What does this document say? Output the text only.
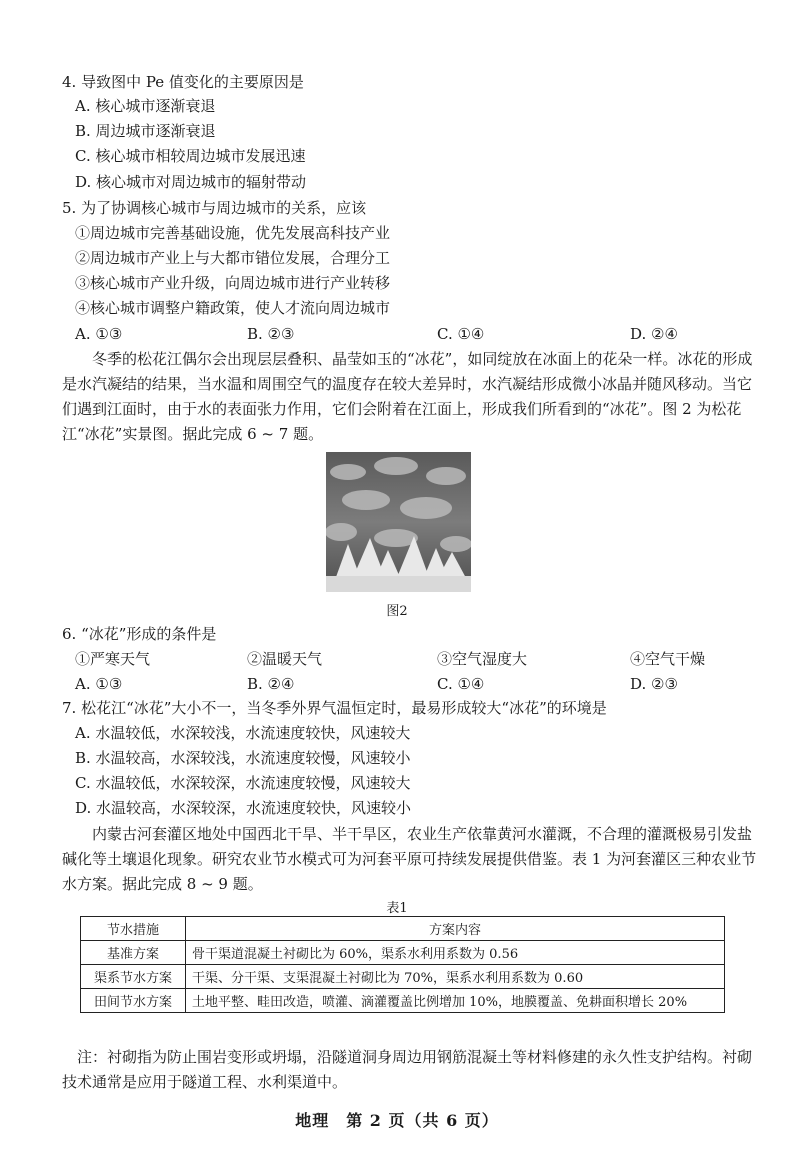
4. 导致图中 Pe 值变化的主要原因是
A. 核心城市逐渐衰退
B. 周边城市逐渐衰退
C. 核心城市相较周边城市发展迅速
D. 核心城市对周边城市的辐射带动
5. 为了协调核心城市与周边城市的关系，应该
①周边城市完善基础设施，优先发展高科技产业
②周边城市产业上与大都市错位发展，合理分工
③核心城市产业升级，向周边城市进行产业转移
④核心城市调整户籍政策，使人才流向周边城市
A. ①③	B. ②③	C. ①④	D. ②④
冬季的松花江偶尔会出现层层叠积、晶莹如玉的“冰花”，如同绽放在冰面上的花朵一样。冰花的形成是水汽凝结的结果，当水温和周围空气的温度存在较大差异时，水汽凝结形成微小冰晶并随风移动。当它们遇到江面时，由于水的表面张力作用，它们会附着在江面上，形成我们所看到的“冰花”。图 2 为松花江“冰花”实景图。据此完成 6 ~ 7 题。
图2
6. “冰花”形成的条件是
①严寒天气	②温暖天气	③空气湿度大	④空气干燥
A. ①③	B. ②④	C. ①④	D. ②③
7. 松花江“冰花”大小不一，当冬季外界气温恒定时，最易形成较大“冰花”的环境是
A. 水温较低，水深较浅，水流速度较快，风速较大
B. 水温较高，水深较浅，水流速度较慢，风速较小
C. 水温较低，水深较深，水流速度较慢，风速较大
D. 水温较高，水深较深，水流速度较快，风速较小
内蒙古河套灌区地处中国西北干旱、半干旱区，农业生产依靠黄河水灌溉，不合理的灌溉极易引发盐碱化等土壤退化现象。研究农业节水模式可为河套平原可持续发展提供借鉴。表 1 为河套灌区三种农业节水方案。据此完成 8 ~ 9 题。
表1
节水措施	方案内容
基准方案	骨干渠道混凝土衬砌比为 60%，渠系水利用系数为 0.56
渠系节水方案	干渠、分干渠、支渠混凝土衬砌比为 70%，渠系水利用系数为 0.60
田间节水方案	土地平整、畦田改造，喷灌、滴灌覆盖比例增加 10%，地膜覆盖、免耕面积增长 20%
注：衬砌指为防止围岩变形或坍塌，沿隧道洞身周边用钢筋混凝土等材料修建的永久性支护结构。衬砌技术通常是应用于隧道工程、水利渠道中。
地理　第 2 页（共 6 页）
